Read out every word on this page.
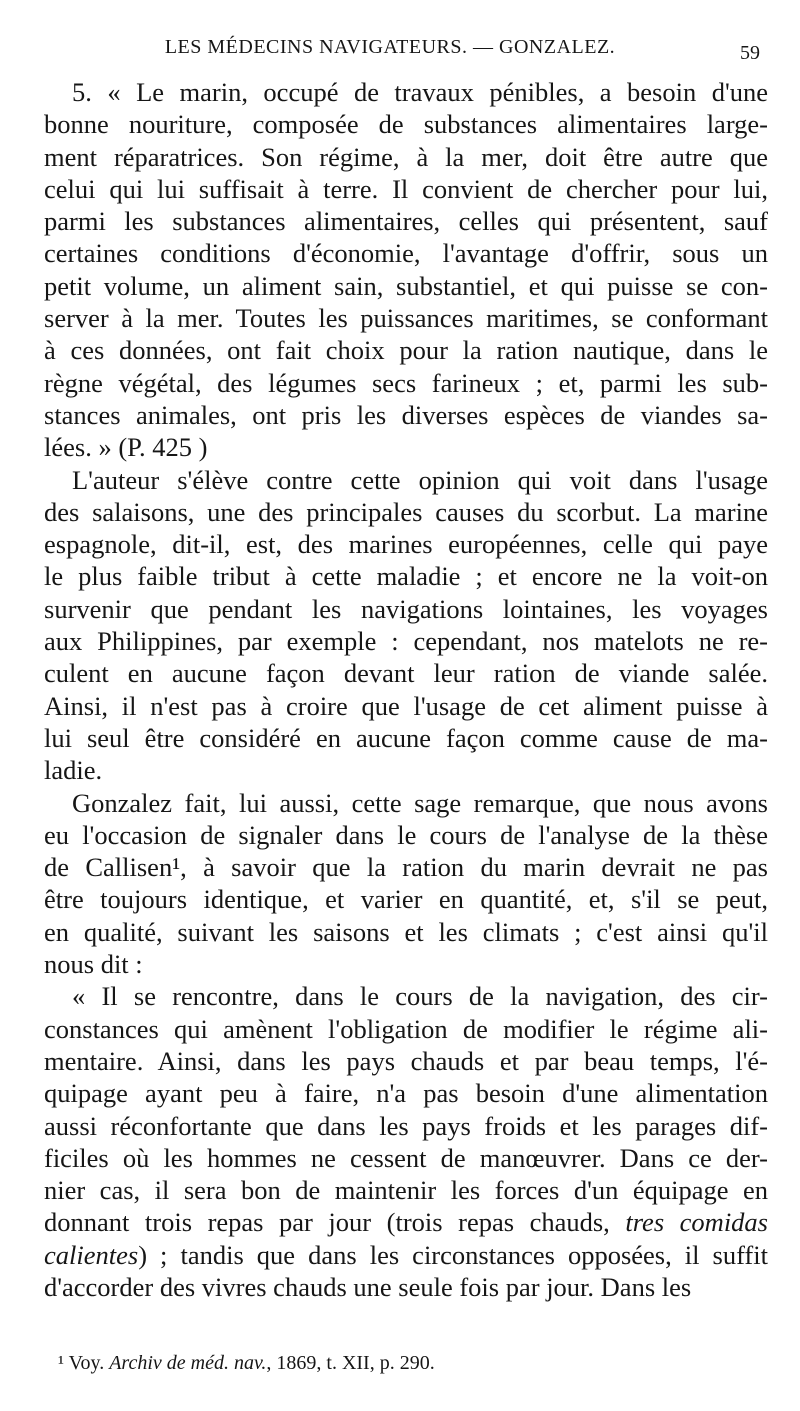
LES MÉDECINS NAVIGATEURS. — GONZALEZ.	59
5. « Le marin, occupé de travaux pénibles, a besoin d'une
bonne nouriture, composée de substances alimentaires large-
ment réparatrices. Son régime, à la mer, doit être autre que
celui qui lui suffisait à terre. Il convient de chercher pour lui,
parmi les substances alimentaires, celles qui présentent, sauf
certaines conditions d'économie, l'avantage d'offrir, sous un
petit volume, un aliment sain, substantiel, et qui puisse se con-
server à la mer. Toutes les puissances maritimes, se conformant
à ces données, ont fait choix pour la ration nautique, dans le
règne végétal, des légumes secs farineux ; et, parmi les sub-
stances animales, ont pris les diverses espèces de viandes sa-
lées. » (P. 425 )
L'auteur s'élève contre cette opinion qui voit dans l'usage
des salaisons, une des principales causes du scorbut. La marine
espagnole, dit-il, est, des marines européennes, celle qui paye
le plus faible tribut à cette maladie ; et encore ne la voit-on
survenir que pendant les navigations lointaines, les voyages
aux Philippines, par exemple : cependant, nos matelots ne re-
culent en aucune façon devant leur ration de viande salée.
Ainsi, il n'est pas à croire que l'usage de cet aliment puisse à
lui seul être considéré en aucune façon comme cause de ma-
ladie.
Gonzalez fait, lui aussi, cette sage remarque, que nous avons
eu l'occasion de signaler dans le cours de l'analyse de la thèse
de Callisen¹, à savoir que la ration du marin devrait ne pas
être toujours identique, et varier en quantité, et, s'il se peut,
en qualité, suivant les saisons et les climats ; c'est ainsi qu'il
nous dit :
« Il se rencontre, dans le cours de la navigation, des cir-
constances qui amènent l'obligation de modifier le régime ali-
mentaire. Ainsi, dans les pays chauds et par beau temps, l'é-
quipage ayant peu à faire, n'a pas besoin d'une alimentation
aussi réconfortante que dans les pays froids et les parages dif-
ficiles où les hommes ne cessent de manœuvrer. Dans ce der-
nier cas, il sera bon de maintenir les forces d'un équipage en
donnant trois repas par jour (trois repas chauds, tres comidas
calientes) ; tandis que dans les circonstances opposées, il suffit
d'accorder des vivres chauds une seule fois par jour. Dans les
¹ Voy. Archiv de méd. nav., 1869, t. XII, p. 290.
